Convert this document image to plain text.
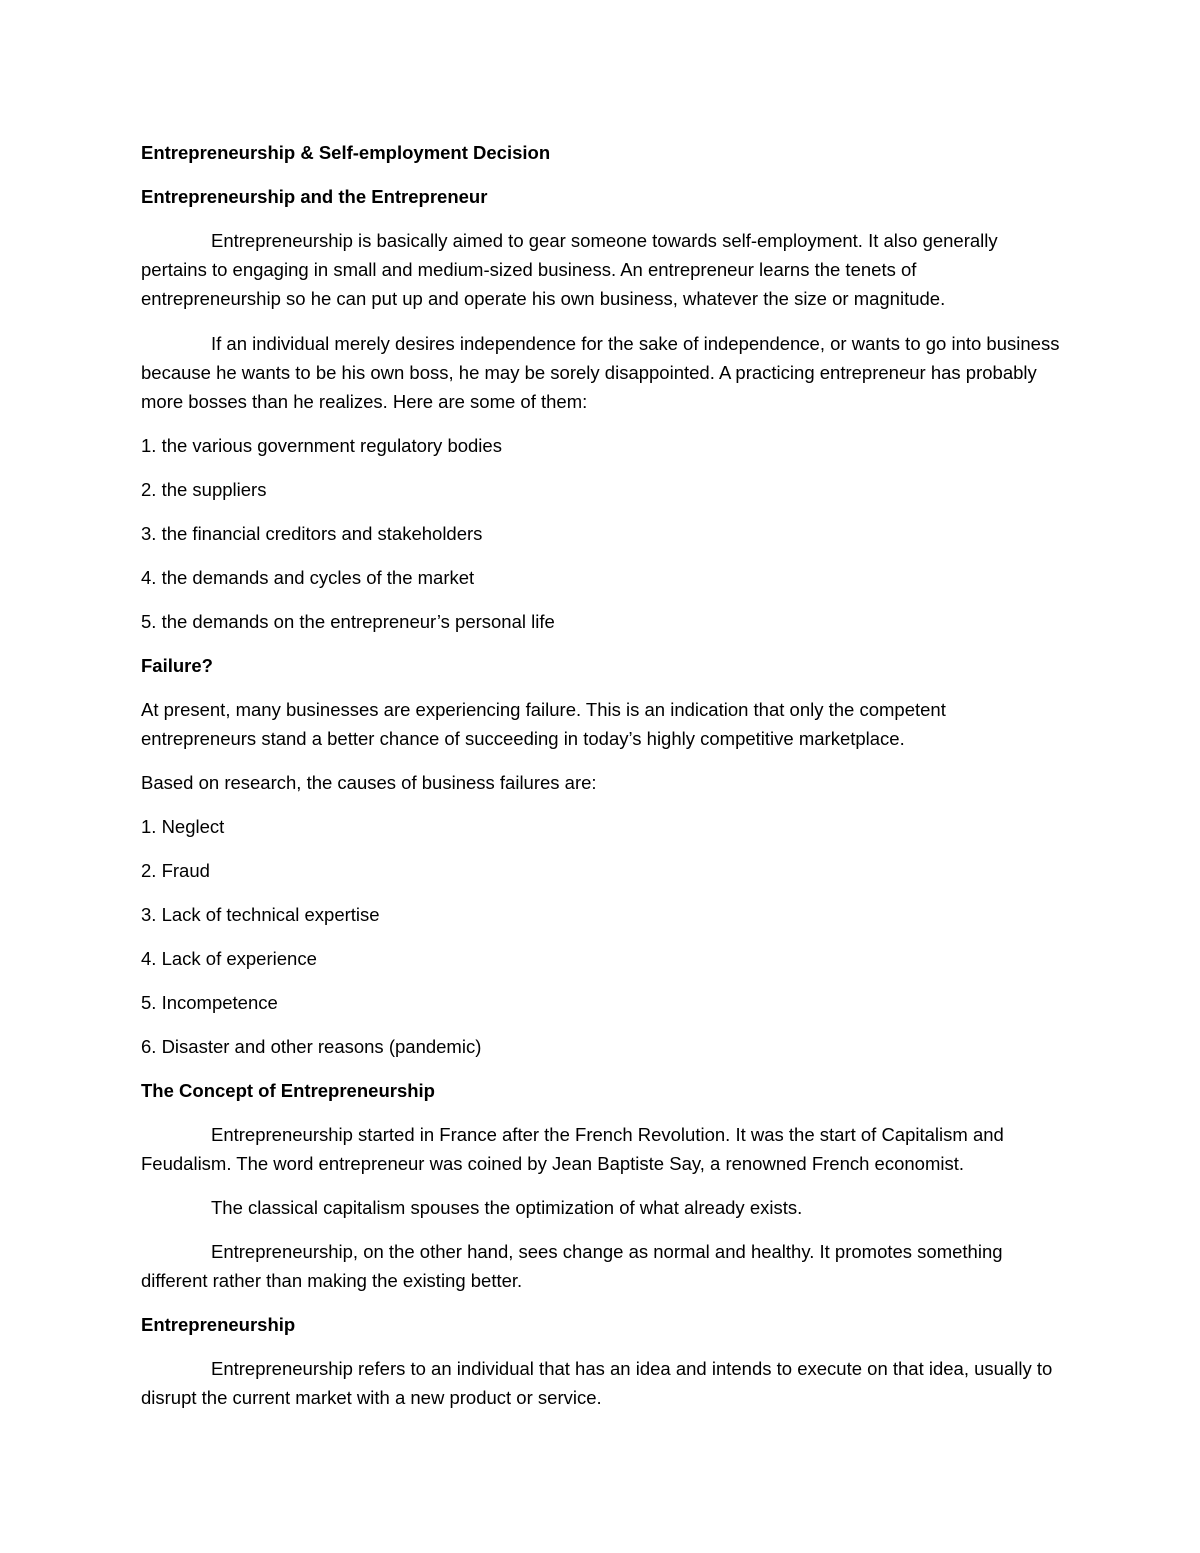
Entrepreneurship & Self-employment Decision

Entrepreneurship and the Entrepreneur

Entrepreneurship is basically aimed to gear someone towards self-employment. It also generally pertains to engaging in small and medium-sized business. An entrepreneur learns the tenets of entrepreneurship so he can put up and operate his own business, whatever the size or magnitude.

If an individual merely desires independence for the sake of independence, or wants to go into business because he wants to be his own boss, he may be sorely disappointed. A practicing entrepreneur has probably more bosses than he realizes. Here are some of them:

1. the various government regulatory bodies

2. the suppliers

3. the financial creditors and stakeholders

4. the demands and cycles of the market

5. the demands on the entrepreneur’s personal life

Failure?

At present, many businesses are experiencing failure. This is an indication that only the competent entrepreneurs stand a better chance of succeeding in today’s highly competitive marketplace.

Based on research, the causes of business failures are:

1. Neglect

2. Fraud

3. Lack of technical expertise

4. Lack of experience

5. Incompetence

6. Disaster and other reasons (pandemic)

The Concept of Entrepreneurship

Entrepreneurship started in France after the French Revolution. It was the start of Capitalism and Feudalism. The word entrepreneur was coined by Jean Baptiste Say, a renowned French economist.

The classical capitalism spouses the optimization of what already exists.

Entrepreneurship, on the other hand, sees change as normal and healthy. It promotes something different rather than making the existing better.

Entrepreneurship

Entrepreneurship refers to an individual that has an idea and intends to execute on that idea, usually to disrupt the current market with a new product or service.
